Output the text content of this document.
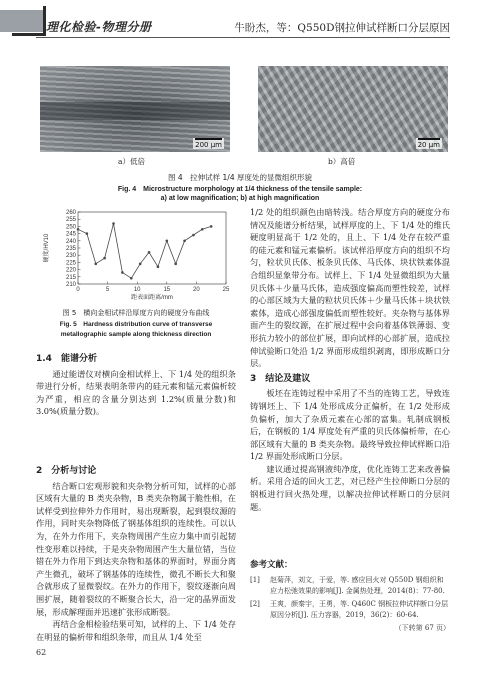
理化检验-物理分册	牛盼杰，等：Q550D钢拉伸试样断口分层原因
200 μm	20 μm
a）低倍	b）高倍
图 4　拉伸试样 1/4 厚度处的显微组织形貌
Fig. 4　Microstructure morphology at 1/4 thickness of the tensile sample:
a) at low magnification; b) at high magnification
210
215
220
225
230
235
240
245
250
255
260
0	5	10	15	20	25
距表面距离/mm
硬度/HV10
图 5　横向金相试样沿厚度方向的硬度分布曲线
Fig. 5　Hardness distribution curve of transverse metallographic sample along thickness direction
1.4　能谱分析

通过能谱仪对横向金相试样上、下 1/4 处的组织条带进行分析，结果表明条带内的硅元素和锰元素偏析较为严重，相应的含量分别达到 1.2%(质量分数)和 3.0%(质量分数)。

2　分析与讨论

结合断口宏观形貌和夹杂物分析可知，试样的心部区域有大量的 B 类夹杂物，B 类夹杂物属于脆性相，在试样受到拉伸外力作用时，易出现断裂，起到裂纹源的作用，同时夹杂物降低了钢基体组织的连续性。可以认为，在外力作用下，夹杂物周围产生应力集中而引起韧性变形难以持续，于是夹杂物周围产生大量位错，当位错在外力作用下到达夹杂物和基体的界面时，界面分离产生微孔，破坏了钢基体的连续性，微孔不断长大和聚合就形成了显微裂纹。在外力的作用下，裂纹逐渐向周围扩展，随着裂纹的不断聚合长大，沿一定的晶界面发展，形成解理面并迅速扩张形成断裂。

再结合金相检验结果可知，试样的上、下 1/4 处存在明显的偏析带和组织条带，而且从 1/4 处至

1/2 处的组织颜色由暗转浅。结合厚度方向的硬度分布情况及能谱分析结果，试样厚度的上、下 1/4 处的维氏硬度明显高于 1/2 处的，且上、下 1/4 处存在较严重的硅元素和锰元素偏析。该试样沿厚度方向的组织不均匀，粒状贝氏体、板条贝氏体、马氏体、块状铁素体混合组织显象带分布。试样上、下 1/4 处显微组织为大量贝氏体＋少量马氏体，造成强度偏高而塑性较差，试样的心部区域为大量的粒状贝氏体＋少量马氏体＋块状铁素体，造成心部强度偏低而塑性较好。夹杂物与基体界面产生的裂纹源，在扩展过程中会向着基体铁薄弱、变形抗力较小的部位扩展，即向试样的心部扩展，造成拉伸试验断口处沿 1/2 界面形成组织剥离，即形成断口分层。

3　结论及建议

板坯在连铸过程中采用了不当的连铸工艺，导致连铸钢坯上、下 1/4 处形成成分正偏析，在 1/2 处形成负偏析，加大了杂质元素在心部的富集。轧制成钢板后，在钢板的 1/4 厚度处有严重的贝氏体偏析带，在心部区域有大量的 B 类夹杂物。最终导致拉伸试样断口沿 1/2 界面处形成断口分层。

建议通过提高钢液纯净度，优化连铸工艺来改善偏析。采用合适的回火工艺，对已经产生拉伸断口分层的钢板进行回火热处理，以解决拉伸试样断口的分层问题。

参考文献：
[1]	赵菊萍，刘文，于爱，等. 感应回火对 Q550D 钢组织和应力松弛效果的影响[J]. 金属热处理，2014(8)：77-80.
[2]	王爽，颜秦宇，王勇，等. Q460C 钢板拉伸试样断口分层原因分析[J]. 压力容器，2019，36(2)：60-64.
（下转第 67 页）
62
